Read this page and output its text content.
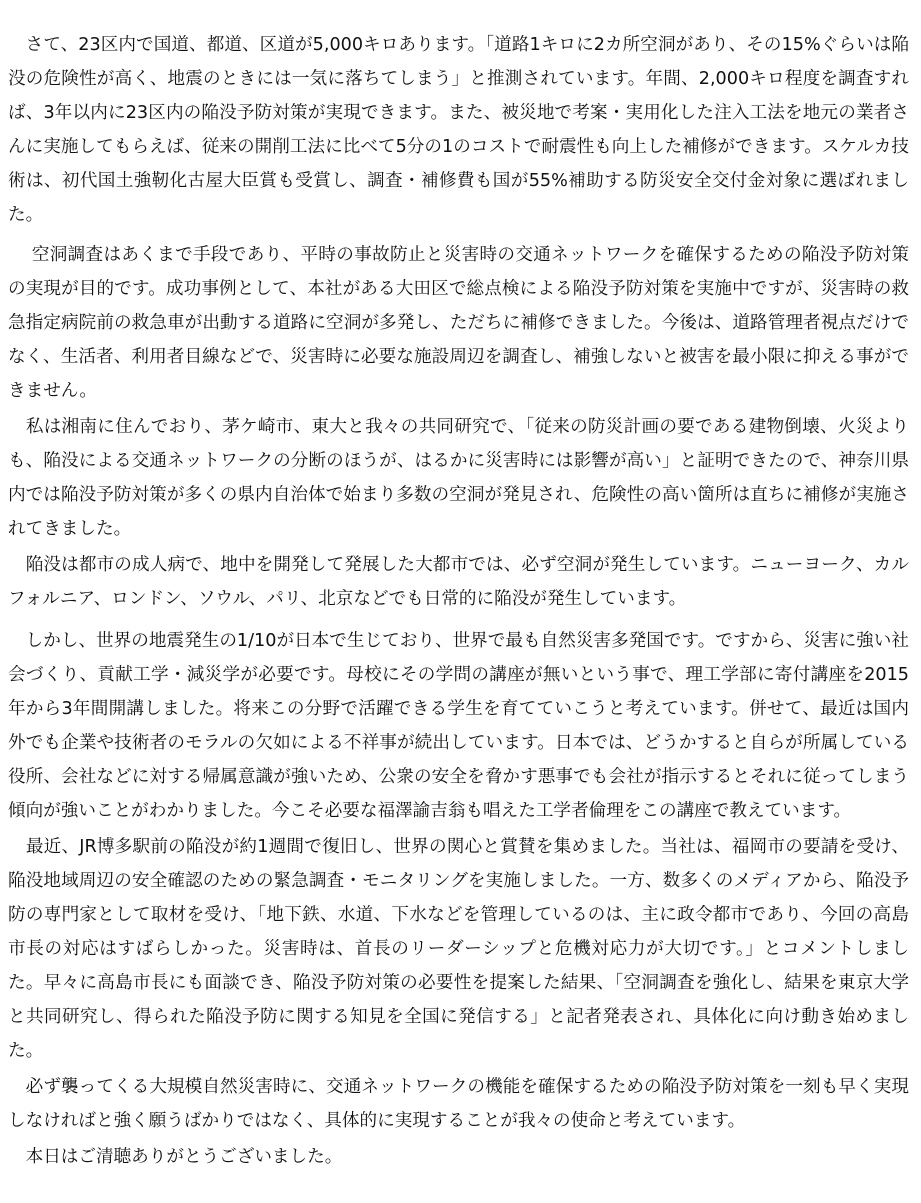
　さて、23区内で国道、都道、区道が5,000キロあります。「道路1キロに2カ所空洞があり、その15%ぐらいは陥没の危険性が高く、地震のときには一気に落ちてしまう」と推測されています。年間、2,000キロ程度を調査すれば、3年以内に23区内の陥没予防対策が実現できます。また、被災地で考案・実用化した注入工法を地元の業者さんに実施してもらえば、従来の開削工法に比べて5分の1のコストで耐震性も向上した補修ができます。スケルカ技術は、初代国土強靭化古屋大臣賞も受賞し、調査・補修費も国が55%補助する防災安全交付金対象に選ばれました。

　 空洞調査はあくまで手段であり、平時の事故防止と災害時の交通ネットワークを確保するための陥没予防対策の実現が目的です。成功事例として、本社がある大田区で総点検による陥没予防対策を実施中ですが、災害時の救急指定病院前の救急車が出動する道路に空洞が多発し、ただちに補修できました。今後は、道路管理者視点だけでなく、生活者、利用者目線などで、災害時に必要な施設周辺を調査し、補強しないと被害を最小限に抑える事ができません。

　私は湘南に住んでおり、茅ケ崎市、東大と我々の共同研究で、「従来の防災計画の要である建物倒壊、火災よりも、陥没による交通ネットワークの分断のほうが、はるかに災害時には影響が高い」と証明できたので、神奈川県内では陥没予防対策が多くの県内自治体で始まり多数の空洞が発見され、危険性の高い箇所は直ちに補修が実施されてきました。

　陥没は都市の成人病で、地中を開発して発展した大都市では、必ず空洞が発生しています。ニューヨーク、カルフォルニア、ロンドン、ソウル、パリ、北京などでも日常的に陥没が発生しています。

　しかし、世界の地震発生の1/10が日本で生じており、世界で最も自然災害多発国です。ですから、災害に強い社会づくり、貢献工学・減災学が必要です。母校にその学問の講座が無いという事で、理工学部に寄付講座を2015年から3年間開講しました。将来この分野で活躍できる学生を育てていこうと考えています。併せて、最近は国内外でも企業や技術者のモラルの欠如による不祥事が続出しています。日本では、どうかすると自らが所属している役所、会社などに対する帰属意識が強いため、公衆の安全を脅かす悪事でも会社が指示するとそれに従ってしまう傾向が強いことがわかりました。今こそ必要な福澤諭吉翁も唱えた工学者倫理をこの講座で教えています。

　最近、JR博多駅前の陥没が約1週間で復旧し、世界の関心と賞賛を集めました。当社は、福岡市の要請を受け、陥没地域周辺の安全確認のための緊急調査・モニタリングを実施しました。一方、数多くのメディアから、陥没予防の専門家として取材を受け、「地下鉄、水道、下水などを管理しているのは、主に政令都市であり、今回の高島市長の対応はすばらしかった。災害時は、首長のリーダーシップと危機対応力が大切です。」とコメントしました。早々に高島市長にも面談でき、陥没予防対策の必要性を提案した結果、「空洞調査を強化し、結果を東京大学と共同研究し、得られた陥没予防に関する知見を全国に発信する」と記者発表され、具体化に向け動き始めました。

　必ず襲ってくる大規模自然災害時に、交通ネットワークの機能を確保するための陥没予防対策を一刻も早く実現しなければと強く願うばかりではなく、具体的に実現することが我々の使命と考えています。

　本日はご清聴ありがとうございました。
